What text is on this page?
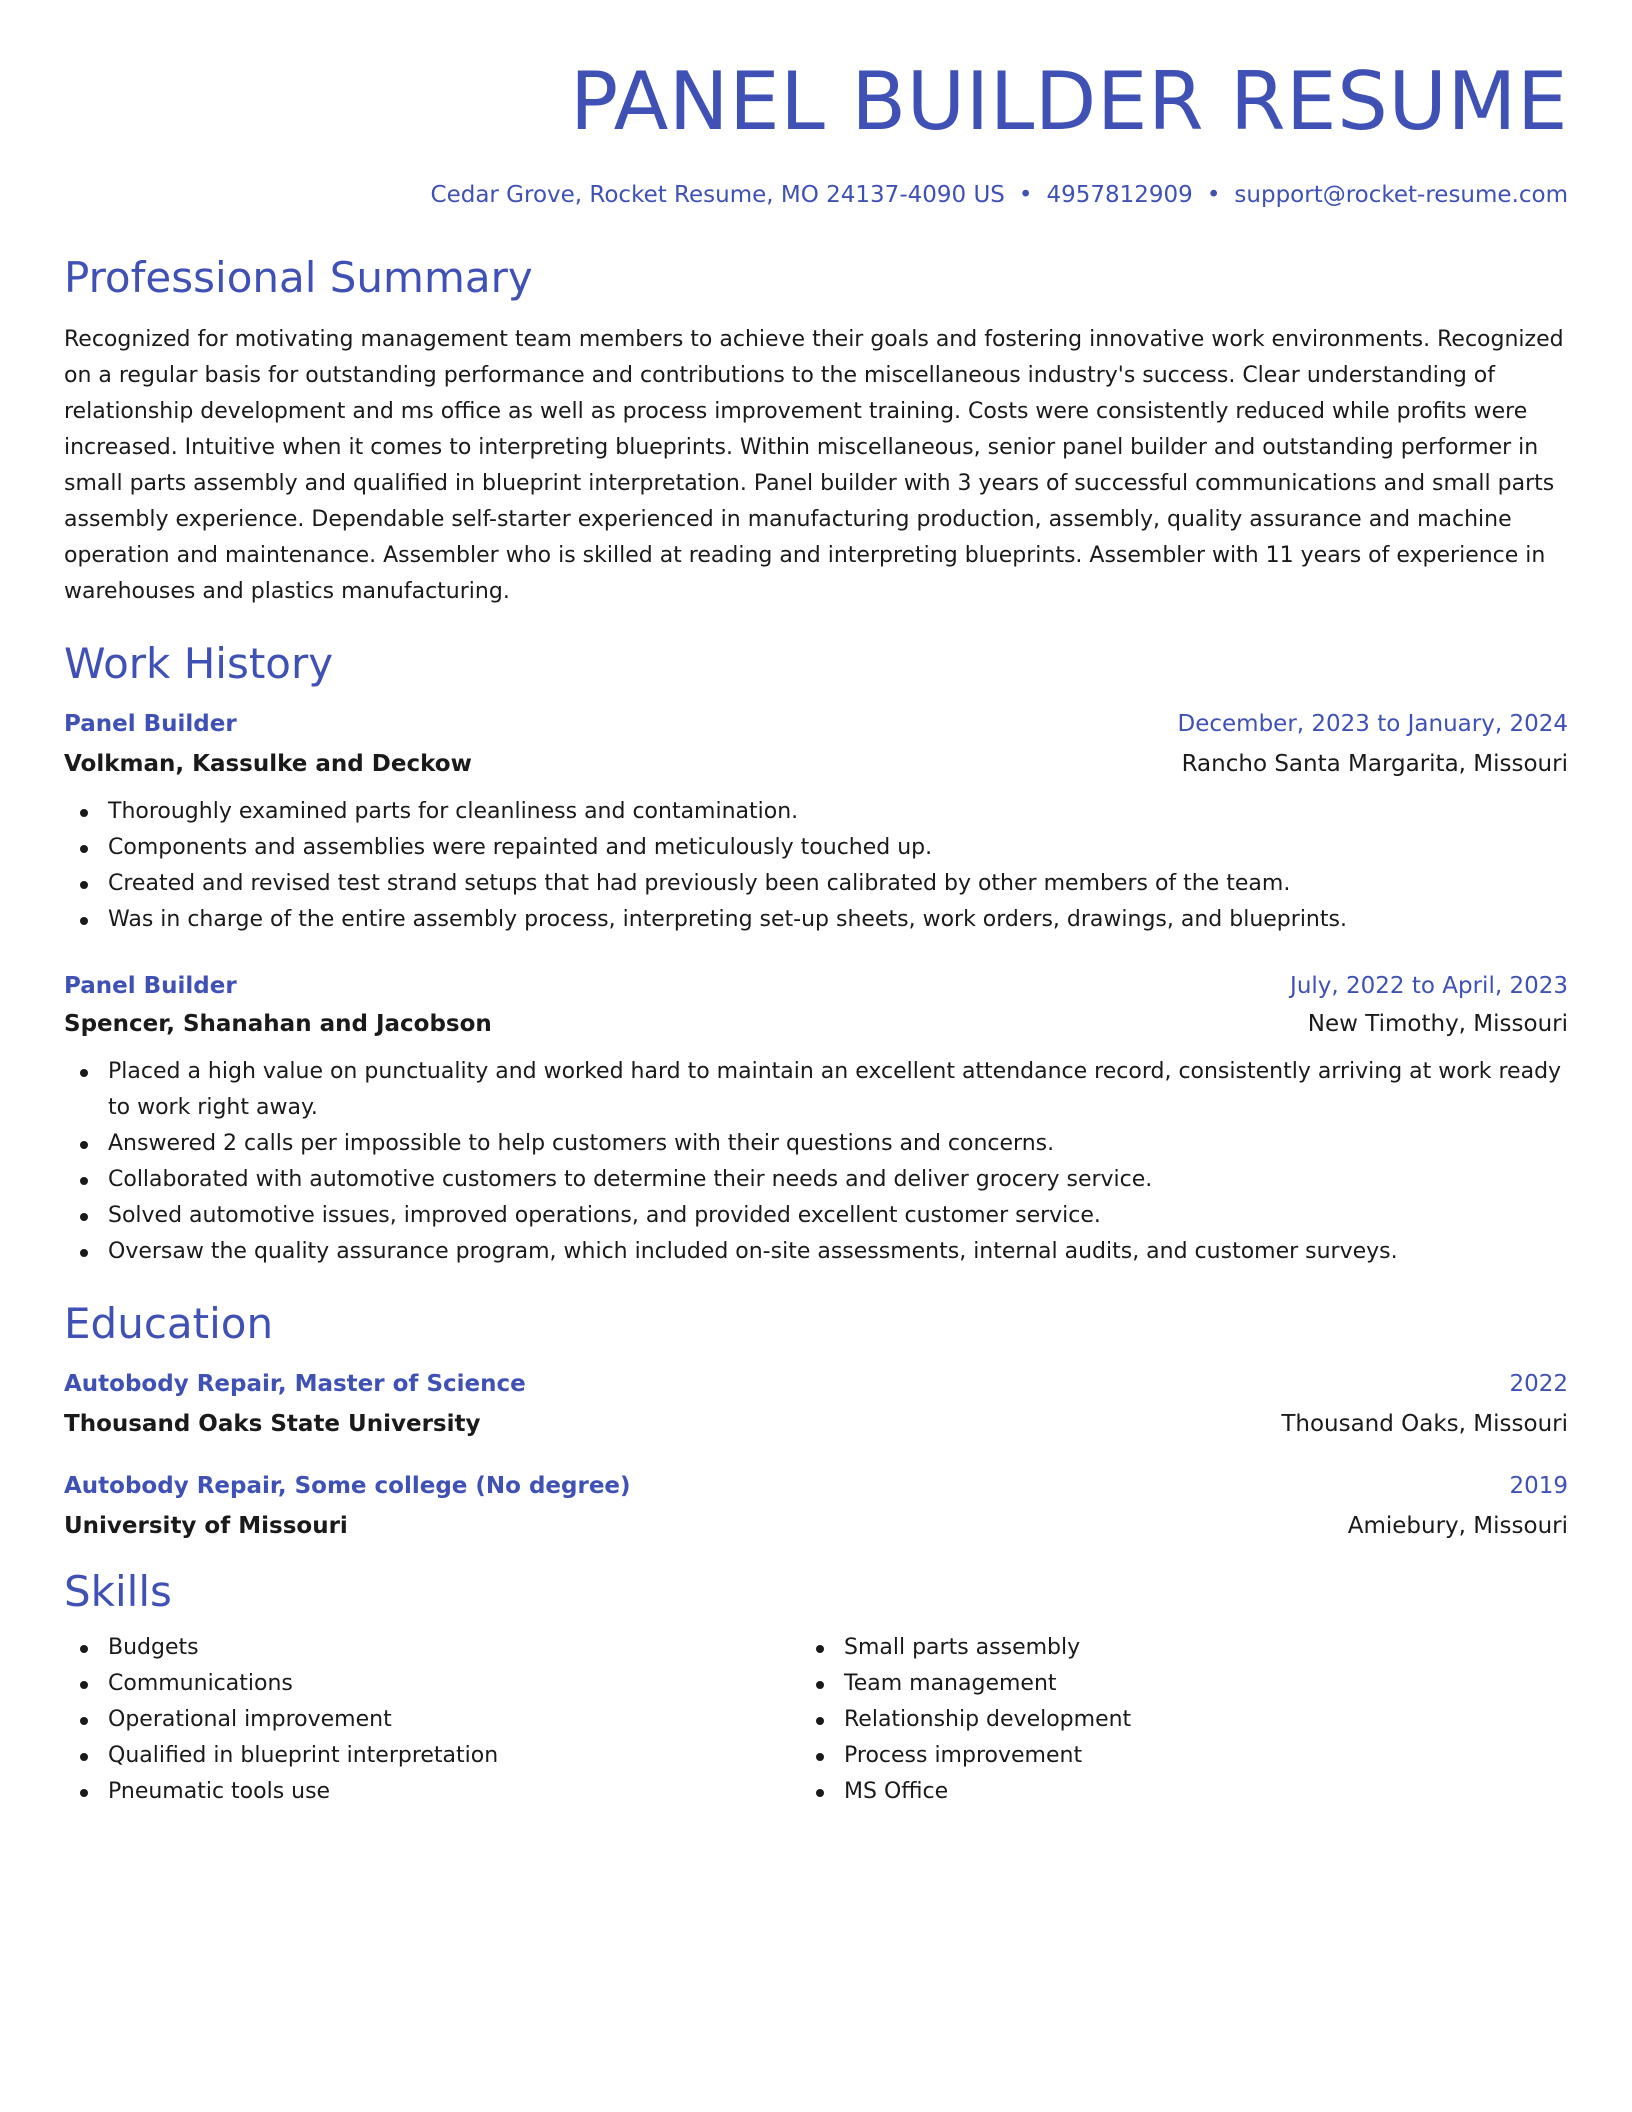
PANEL BUILDER RESUME
Cedar Grove, Rocket Resume, MO 24137-4090 US • 4957812909 • support@rocket-resume.com
Professional Summary

Recognized for motivating management team members to achieve their goals and fostering innovative work environments. Recognized on a regular basis for outstanding performance and contributions to the miscellaneous industry's success. Clear understanding of relationship development and ms office as well as process improvement training. Costs were consistently reduced while profits were increased. Intuitive when it comes to interpreting blueprints. Within miscellaneous, senior panel builder and outstanding performer in small parts assembly and qualified in blueprint interpretation. Panel builder with 3 years of successful communications and small parts assembly experience. Dependable self-starter experienced in manufacturing production, assembly, quality assurance and machine operation and maintenance. Assembler who is skilled at reading and interpreting blueprints. Assembler with 11 years of experience in warehouses and plastics manufacturing.

Work History
Panel Builder	December, 2023 to January, 2024
Volkman, Kassulke and Deckow	Rancho Santa Margarita, Missouri
Thoroughly examined parts for cleanliness and contamination.
Components and assemblies were repainted and meticulously touched up.
Created and revised test strand setups that had previously been calibrated by other members of the team.
Was in charge of the entire assembly process, interpreting set-up sheets, work orders, drawings, and blueprints.
Panel Builder	July, 2022 to April, 2023
Spencer, Shanahan and Jacobson	New Timothy, Missouri
Placed a high value on punctuality and worked hard to maintain an excellent attendance record, consistently arriving at work ready to work right away.
Answered 2 calls per impossible to help customers with their questions and concerns.
Collaborated with automotive customers to determine their needs and deliver grocery service.
Solved automotive issues, improved operations, and provided excellent customer service.
Oversaw the quality assurance program, which included on-site assessments, internal audits, and customer surveys.
Education
Autobody Repair, Master of Science	2022
Thousand Oaks State University	Thousand Oaks, Missouri
Autobody Repair, Some college (No degree)	2019
University of Missouri	Amiebury, Missouri
Skills
Budgets
Communications
Operational improvement
Qualified in blueprint interpretation
Pneumatic tools use
Small parts assembly
Team management
Relationship development
Process improvement
MS Office
